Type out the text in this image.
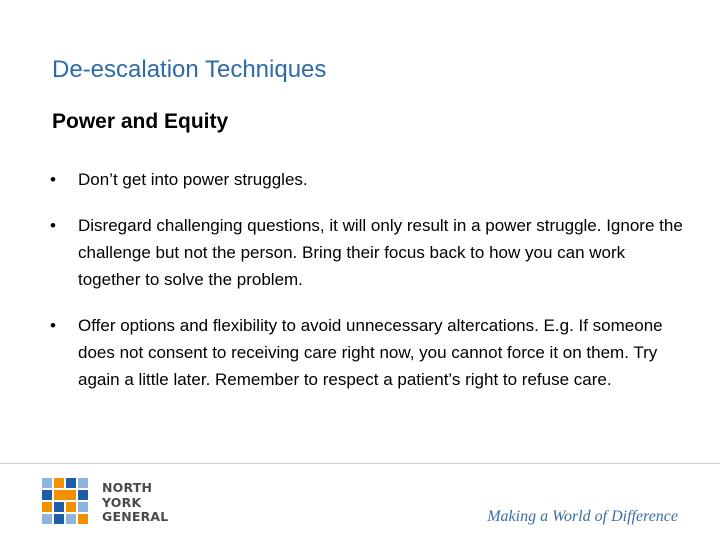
De-escalation Techniques
Power and Equity
• Don’t get into power struggles.
• Disregard challenging questions, it will only result in a power struggle. Ignore the challenge but not the person. Bring their focus back to how you can work together to solve the problem.
• Offer options and flexibility to avoid unnecessary altercations. E.g. If someone does not consent to receiving care right now, you cannot force it on them. Try again a little later. Remember to respect a patient’s right to refuse care.
NORTH
YORK
GENERAL	Making a World of Difference
